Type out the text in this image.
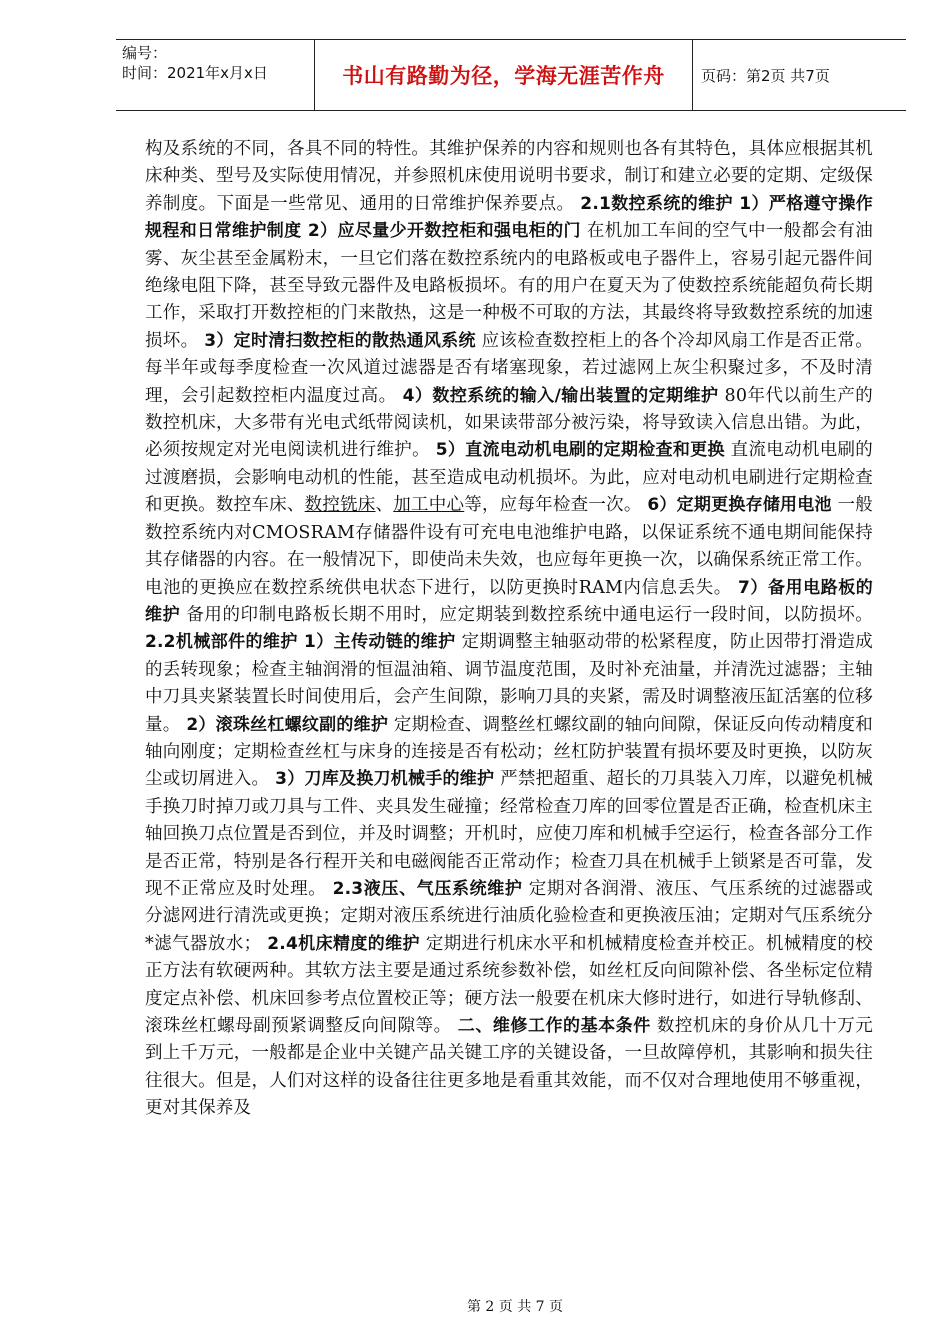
编号：
时间：2021年x月x日	书山有路勤为径，学海无涯苦作舟	页码：第2页 共7页
构及系统的不同，各具不同的特性。其维护保养的内容和规则也各有其特色，具体应根据其机床种类、型号及实际使用情况，并参照机床使用说明书要求，制订和建立必要的定期、定级保养制度。下面是一些常见、通用的日常维护保养要点。 2.1数控系统的维护 1）严格遵守操作规程和日常维护制度 2）应尽量少开数控柜和强电柜的门 在机加工车间的空气中一般都会有油雾、灰尘甚至金属粉末，一旦它们落在数控系统内的电路板或电子器件上，容易引起元器件间绝缘电阻下降，甚至导致元器件及电路板损坏。有的用户在夏天为了使数控系统能超负荷长期工作，采取打开数控柜的门来散热，这是一种极不可取的方法，其最终将导致数控系统的加速损坏。 3）定时清扫数控柜的散热通风系统 应该检查数控柜上的各个冷却风扇工作是否正常。每半年或每季度检查一次风道过滤器是否有堵塞现象，若过滤网上灰尘积聚过多，不及时清理，会引起数控柜内温度过高。 4）数控系统的输入/输出装置的定期维护 80年代以前生产的数控机床，大多带有光电式纸带阅读机，如果读带部分被污染，将导致读入信息出错。为此，必须按规定对光电阅读机进行维护。 5）直流电动机电刷的定期检查和更换 直流电动机电刷的过渡磨损，会影响电动机的性能，甚至造成电动机损坏。为此，应对电动机电刷进行定期检查和更换。数控车床、数控铣床、加工中心等，应每年检查一次。 6）定期更换存储用电池 一般数控系统内对CMOSRAM存储器件设有可充电电池维护电路，以保证系统不通电期间能保持其存储器的内容。在一般情况下，即使尚未失效，也应每年更换一次，以确保系统正常工作。电池的更换应在数控系统供电状态下进行，以防更换时RAM内信息丢失。 7）备用电路板的维护 备用的印制电路板长期不用时，应定期装到数控系统中通电运行一段时间，以防损坏。 2.2机械部件的维护 1）主传动链的维护 定期调整主轴驱动带的松紧程度，防止因带打滑造成的丢转现象；检查主轴润滑的恒温油箱、调节温度范围，及时补充油量，并清洗过滤器；主轴中刀具夹紧装置长时间使用后，会产生间隙，影响刀具的夹紧，需及时调整液压缸活塞的位移量。 2）滚珠丝杠螺纹副的维护 定期检查、调整丝杠螺纹副的轴向间隙，保证反向传动精度和轴向刚度；定期检查丝杠与床身的连接是否有松动；丝杠防护装置有损坏要及时更换，以防灰尘或切屑进入。 3）刀库及换刀机械手的维护 严禁把超重、超长的刀具装入刀库，以避免机械手换刀时掉刀或刀具与工件、夹具发生碰撞；经常检查刀库的回零位置是否正确，检查机床主轴回换刀点位置是否到位，并及时调整；开机时，应使刀库和机械手空运行，检查各部分工作是否正常，特别是各行程开关和电磁阀能否正常动作；检查刀具在机械手上锁紧是否可靠，发现不正常应及时处理。 2.3液压、气压系统维护 定期对各润滑、液压、气压系统的过滤器或分滤网进行清洗或更换；定期对液压系统进行油质化验检查和更换液压油；定期对气压系统分*滤气器放水； 2.4机床精度的维护 定期进行机床水平和机械精度检查并校正。机械精度的校正方法有软硬两种。其软方法主要是通过系统参数补偿，如丝杠反向间隙补偿、各坐标定位精度定点补偿、机床回参考点位置校正等；硬方法一般要在机床大修时进行，如进行导轨修刮、滚珠丝杠螺母副预紧调整反向间隙等。 二、维修工作的基本条件 数控机床的身价从几十万元到上千万元，一般都是企业中关键产品关键工序的关键设备，一旦故障停机，其影响和损失往往很大。但是，人们对这样的设备往往更多地是看重其效能，而不仅对合理地使用不够重视，更对其保养及
第 2 页 共 7 页
